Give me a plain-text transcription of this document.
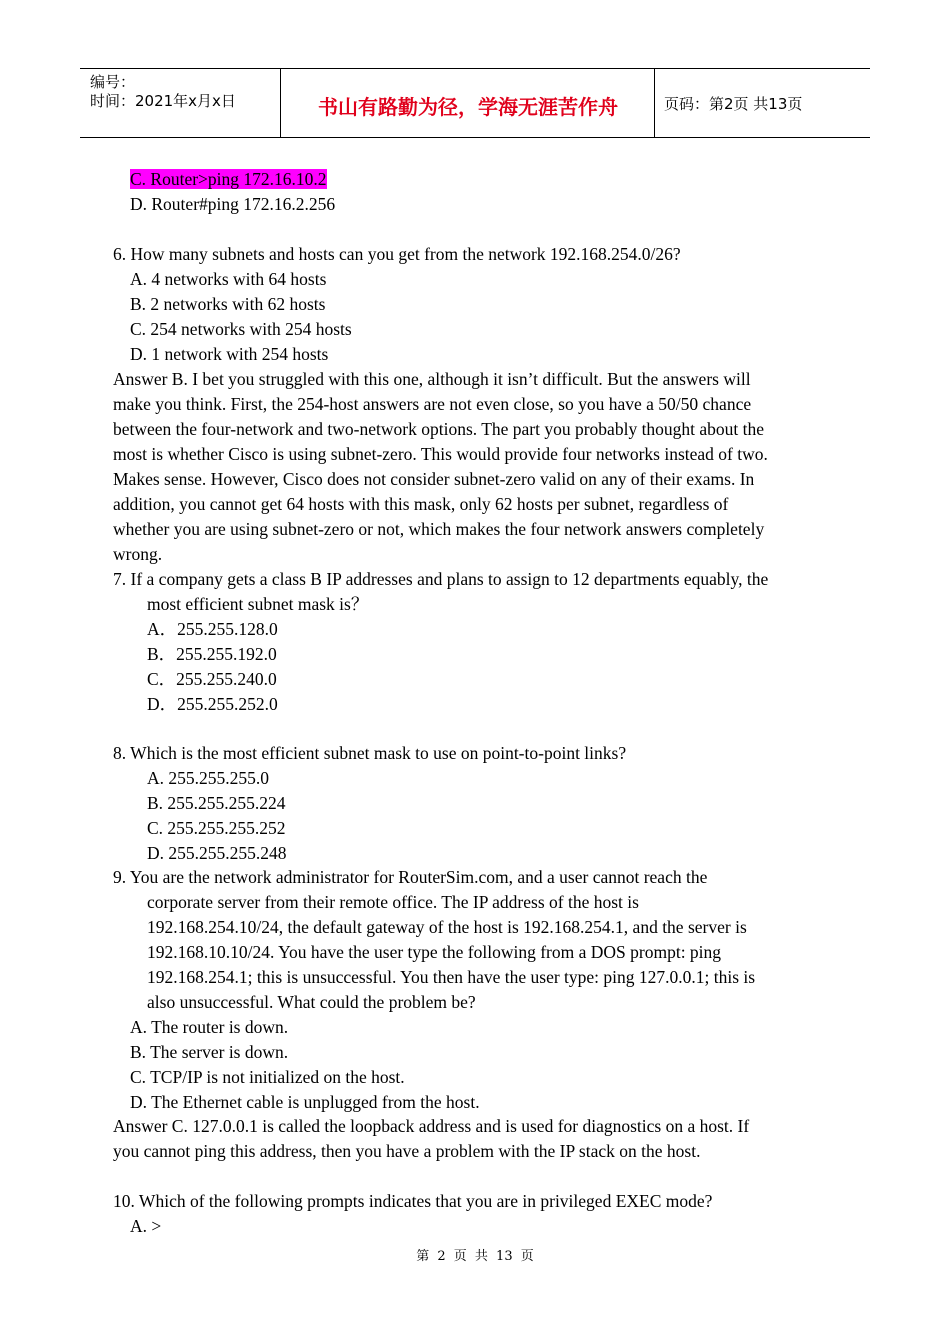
编号：
时间：2021年x月x日	书山有路勤为径，学海无涯苦作舟	页码：第2页 共13页
C. Router>ping 172.16.10.2
D. Router#ping 172.16.2.256
6. How many subnets and hosts can you get from the network 192.168.254.0/26?
A. 4 networks with 64 hosts
B. 2 networks with 62 hosts
C. 254 networks with 254 hosts
D. 1 network with 254 hosts
Answer B. I bet you struggled with this one, although it isn’t difficult. But the answers will
make you think. First, the 254-host answers are not even close, so you have a 50/50 chance
between the four-network and two-network options. The part you probably thought about the
most is whether Cisco is using subnet-zero. This would provide four networks instead of two.
Makes sense. However, Cisco does not consider subnet-zero valid on any of their exams. In
addition, you cannot get 64 hosts with this mask, only 62 hosts per subnet, regardless of
whether you are using subnet-zero or not, which makes the four network answers completely
wrong.
7. If a company gets a class B IP addresses and plans to assign to 12 departments equably, the
most efficient subnet mask is？
A．255.255.128.0
B．255.255.192.0
C．255.255.240.0
D．255.255.252.0
8. Which is the most efficient subnet mask to use on point-to-point links?
A. 255.255.255.0
B. 255.255.255.224
C. 255.255.255.252
D. 255.255.255.248
9. You are the network administrator for RouterSim.com, and a user cannot reach the
corporate server from their remote office. The IP address of the host is
192.168.254.10/24, the default gateway of the host is 192.168.254.1, and the server is
192.168.10.10/24. You have the user type the following from a DOS prompt: ping
192.168.254.1; this is unsuccessful. You then have the user type: ping 127.0.0.1; this is
also unsuccessful. What could the problem be?
A. The router is down.
B. The server is down.
C. TCP/IP is not initialized on the host.
D. The Ethernet cable is unplugged from the host.
Answer C. 127.0.0.1 is called the loopback address and is used for diagnostics on a host. If
you cannot ping this address, then you have a problem with the IP stack on the host.
10. Which of the following prompts indicates that you are in privileged EXEC mode?
A. >
第 2 页 共 13 页
